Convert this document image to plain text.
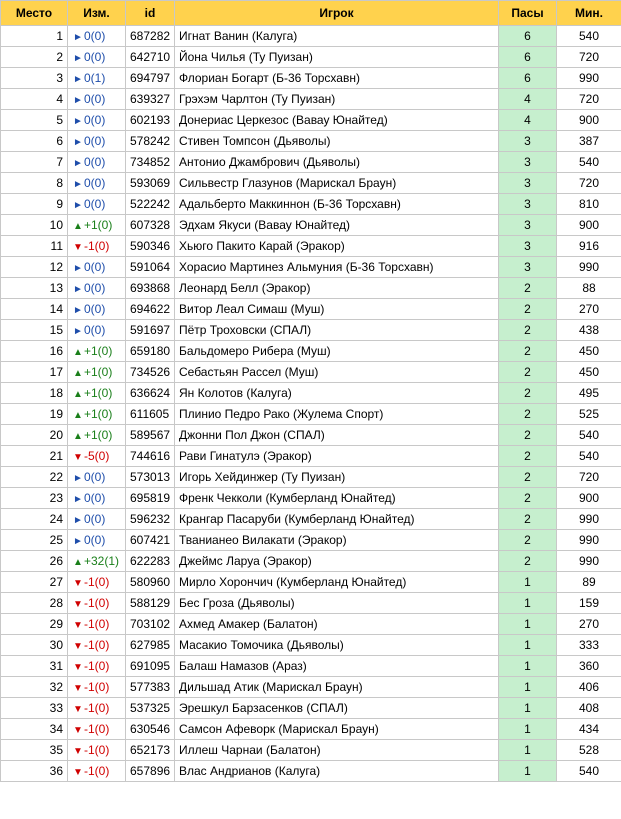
Место	Изм.	id	Игрок	Пасы	Мин.
1	►0(0)	687282	Игнат Ванин (Калуга)	6	540
2	►0(0)	642710	Йона Чилья (Ту Пуизан)	6	720
3	►0(1)	694797	Флориан Богарт (Б-36 Торсхавн)	6	990
4	►0(0)	639327	Грэхэм Чарлтон (Ту Пуизан)	4	720
5	►0(0)	602193	Донериас Церкезос (Вавау Юнайтед)	4	900
6	►0(0)	578242	Стивен Томпсон (Дьяволы)	3	387
7	►0(0)	734852	Антонио Джамбрович (Дьяволы)	3	540
8	►0(0)	593069	Сильвестр Глазунов (Марискал Браун)	3	720
9	►0(0)	522242	Адальберто Маккиннон (Б-36 Торсхавн)	3	810
10	▲+1(0)	607328	Эдхам Якуси (Вавау Юнайтед)	3	900
11	▼-1(0)	590346	Хьюго Пакито Карай (Эракор)	3	916
12	►0(0)	591064	Хорасио Мартинез Альмуния (Б-36 Торсхавн)	3	990
13	►0(0)	693868	Леонард Белл (Эракор)	2	88
14	►0(0)	694622	Витор Леал Симаш (Муш)	2	270
15	►0(0)	591697	Пётр Троховски (СПАЛ)	2	438
16	▲+1(0)	659180	Бальдомеро Рибера (Муш)	2	450
17	▲+1(0)	734526	Себастьян Рассел (Муш)	2	450
18	▲+1(0)	636624	Ян Колотов (Калуга)	2	495
19	▲+1(0)	611605	Плинио Педро Рако (Жулема Спорт)	2	525
20	▲+1(0)	589567	Джонни Пол Джон (СПАЛ)	2	540
21	▼-5(0)	744616	Рави Гинатулэ (Эракор)	2	540
22	►0(0)	573013	Игорь Хейдинжер (Ту Пуизан)	2	720
23	►0(0)	695819	Френк Чекколи (Кумберланд Юнайтед)	2	900
24	►0(0)	596232	Крангар Пасаруби (Кумберланд Юнайтед)	2	990
25	►0(0)	607421	Тванианео Вилакати (Эракор)	2	990
26	▲+32(1)	622283	Джеймс Ларуа (Эракор)	2	990
27	▼-1(0)	580960	Мирло Хорончич (Кумберланд Юнайтед)	1	89
28	▼-1(0)	588129	Бес Гроза (Дьяволы)	1	159
29	▼-1(0)	703102	Ахмед Амакер (Балатон)	1	270
30	▼-1(0)	627985	Масакио Томочика (Дьяволы)	1	333
31	▼-1(0)	691095	Балаш Намазов (Араз)	1	360
32	▼-1(0)	577383	Дильшад Атик (Марискал Браун)	1	406
33	▼-1(0)	537325	Эрешкул Барзасенков (СПАЛ)	1	408
34	▼-1(0)	630546	Самсон Афеворк (Марискал Браун)	1	434
35	▼-1(0)	652173	Иллеш Чарнаи (Балатон)	1	528
36	▼-1(0)	657896	Влас Андрианов (Калуга)	1	540
